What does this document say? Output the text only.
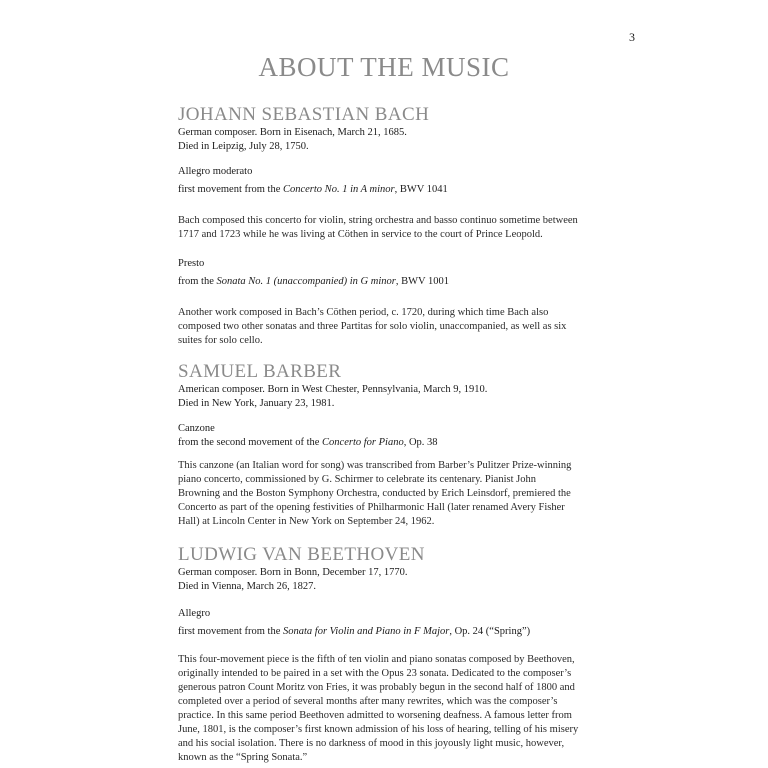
3
ABOUT THE MUSIC
JOHANN SEBASTIAN BACH
German composer. Born in Eisenach, March 21, 1685.
Died in Leipzig, July 28, 1750.
Allegro moderato
first movement from the Concerto No. 1 in A minor, BWV 1041
Bach composed this concerto for violin, string orchestra and basso continuo sometime between
1717 and 1723 while he was living at Cöthen in service to the court of Prince Leopold.
Presto
from the Sonata No. 1 (unaccompanied) in G minor, BWV 1001
Another work composed in Bach’s Cöthen period, c. 1720, during which time Bach also
composed two other sonatas and three Partitas for solo violin, unaccompanied, as well as six
suites for solo cello.
SAMUEL BARBER
American composer. Born in West Chester, Pennsylvania, March 9, 1910.
Died in New York, January 23, 1981.
Canzone
from the second movement of the Concerto for Piano, Op. 38
This canzone (an Italian word for song) was transcribed from Barber’s Pulitzer Prize-winning
piano concerto, commissioned by G. Schirmer to celebrate its centenary. Pianist John
Browning and the Boston Symphony Orchestra, conducted by Erich Leinsdorf, premiered the
Concerto as part of the opening festivities of Philharmonic Hall (later renamed Avery Fisher
Hall) at Lincoln Center in New York on September 24, 1962.
LUDWIG VAN BEETHOVEN
German composer. Born in Bonn, December 17, 1770.
Died in Vienna, March 26, 1827.
Allegro
first movement from the Sonata for Violin and Piano in F Major, Op. 24 (“Spring”)
This four-movement piece is the fifth of ten violin and piano sonatas composed by Beethoven,
originally intended to be paired in a set with the Opus 23 sonata. Dedicated to the composer’s
generous patron Count Moritz von Fries, it was probably begun in the second half of 1800 and
completed over a period of several months after many rewrites, which was the composer’s
practice. In this same period Beethoven admitted to worsening deafness. A famous letter from
June, 1801, is the composer’s first known admission of his loss of hearing, telling of his misery
and his social isolation. There is no darkness of mood in this joyously light music, however,
known as the “Spring Sonata.”
